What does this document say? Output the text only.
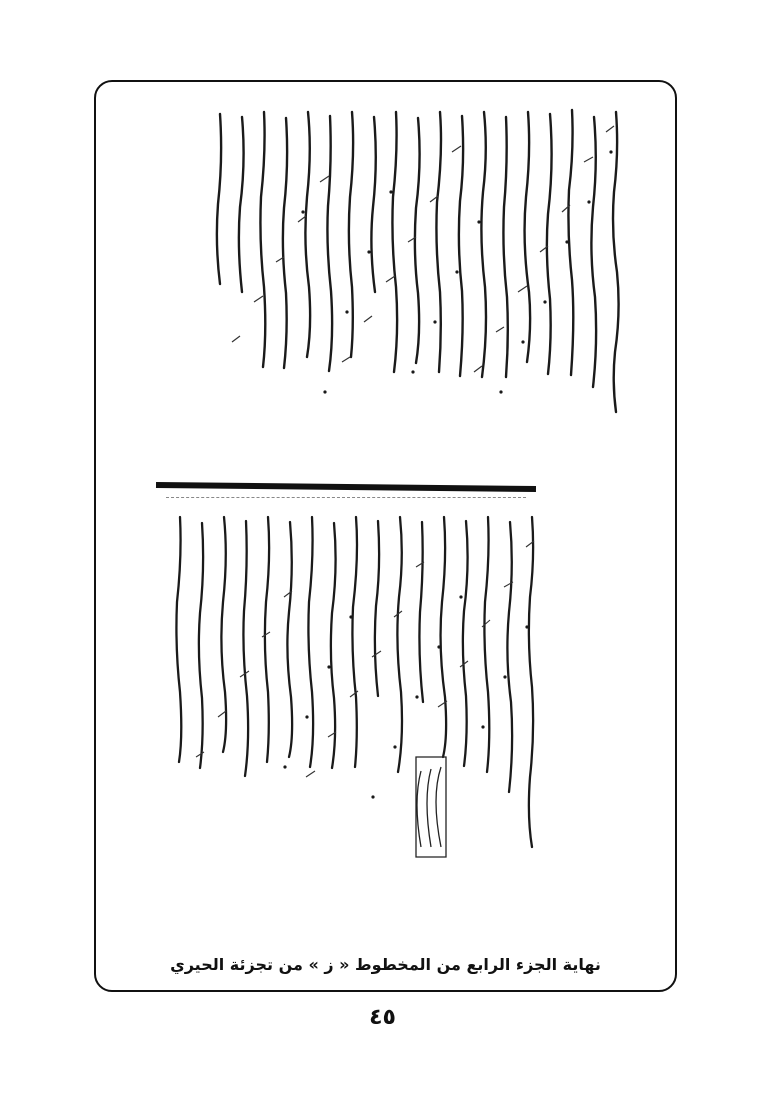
نهاية الجزء الرابع من المخطوط « ز » من تجزئة الحيري
٤٥
